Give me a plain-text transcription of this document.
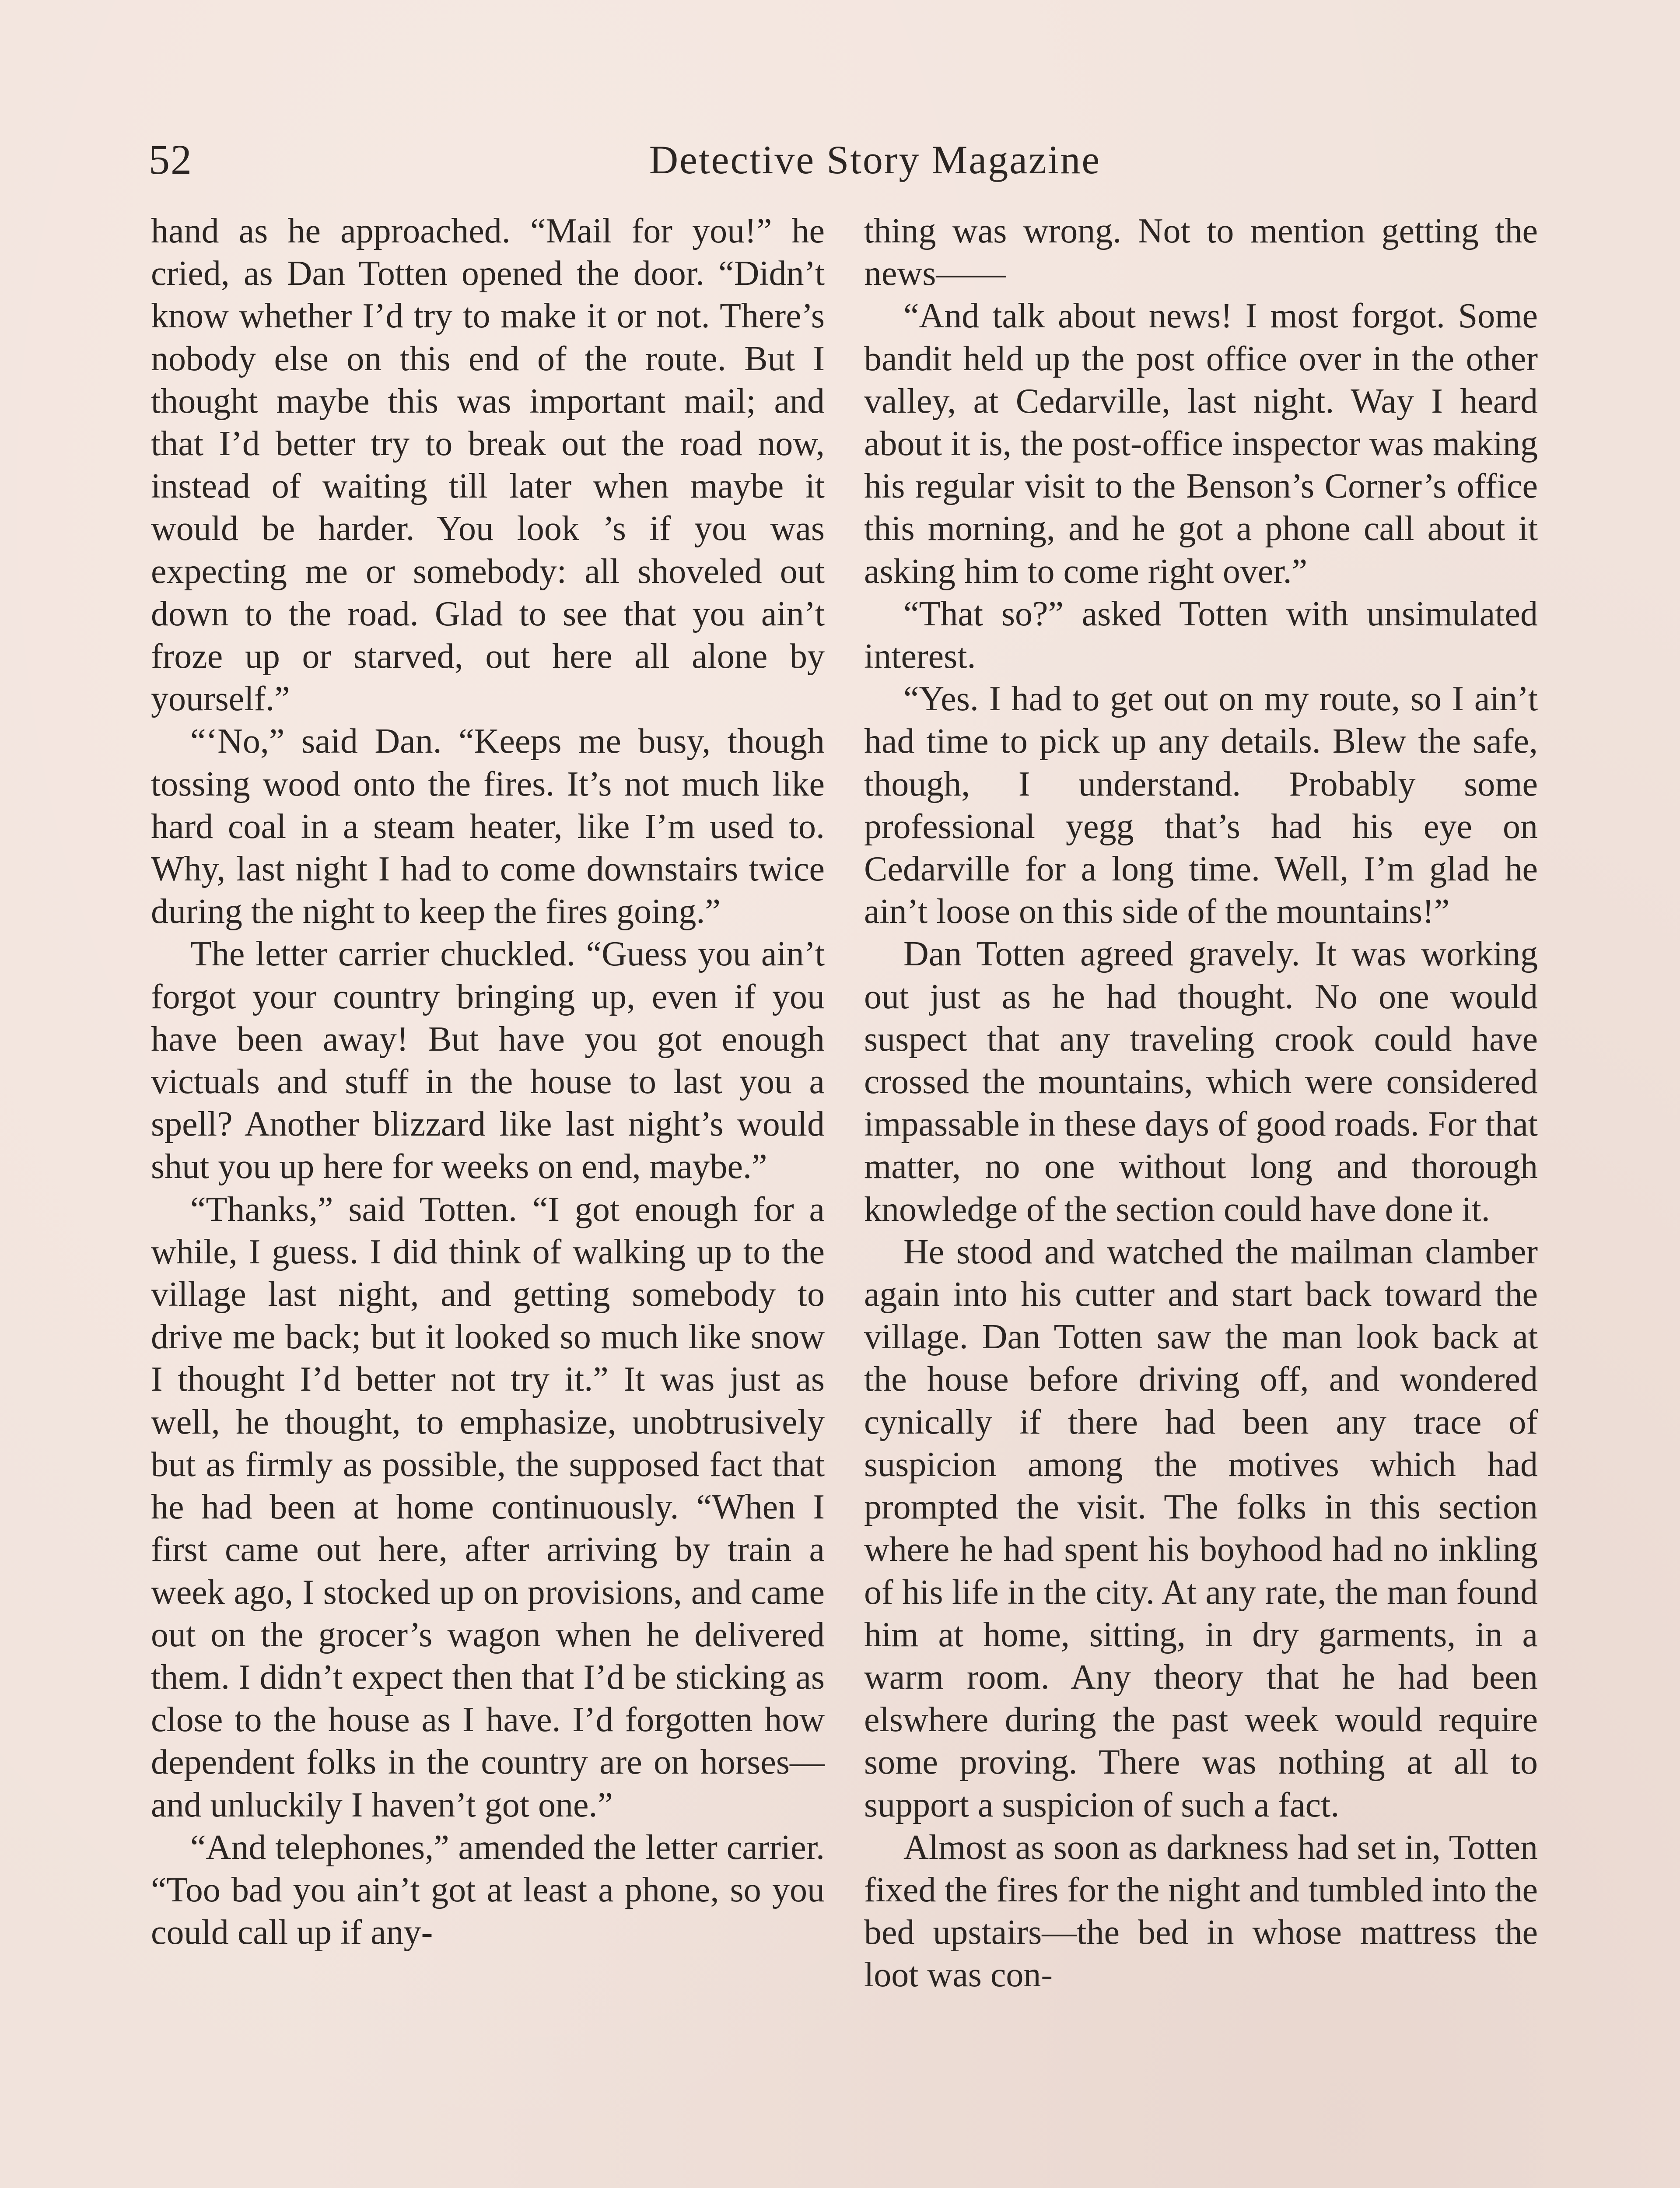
52	Detective Story Magazine

hand as he approached. “Mail for you!” he cried, as Dan Totten opened the door. “Didn’t know whether I’d try to make it or not. There’s nobody else on this end of the route. But I thought maybe this was important mail; and that I’d better try to break out the road now, instead of waiting till later when maybe it would be harder. You look ’s if you was expecting me or somebody: all shoveled out down to the road. Glad to see that you ain’t froze up or starved, out here all alone by yourself.”

“‘No,” said Dan. “Keeps me busy, though tossing wood onto the fires. It’s not much like hard coal in a steam heater, like I’m used to. Why, last night I had to come downstairs twice during the night to keep the fires going.”

The letter carrier chuckled. “Guess you ain’t forgot your country bringing up, even if you have been away! But have you got enough victuals and stuff in the house to last you a spell? Another blizzard like last night’s would shut you up here for weeks on end, maybe.”

“Thanks,” said Totten. “I got enough for a while, I guess. I did think of walking up to the village last night, and getting somebody to drive me back; but it looked so much like snow I thought I’d better not try it.” It was just as well, he thought, to emphasize, unobtrusively but as firmly as possible, the supposed fact that he had been at home continuously. “When I first came out here, after arriving by train a week ago, I stocked up on provisions, and came out on the grocer’s wagon when he delivered them. I didn’t expect then that I’d be sticking as close to the house as I have. I’d forgotten how dependent folks in the country are on horses—and unluckily I haven’t got one.”

“And telephones,” amended the letter carrier. “Too bad you ain’t got at least a phone, so you could call up if any-

thing was wrong. Not to mention getting the news——

“And talk about news! I most forgot. Some bandit held up the post office over in the other valley, at Cedarville, last night. Way I heard about it is, the post-office inspector was making his regular visit to the Benson’s Corner’s office this morning, and he got a phone call about it asking him to come right over.”

“That so?” asked Totten with unsimulated interest.

“Yes. I had to get out on my route, so I ain’t had time to pick up any details. Blew the safe, though, I understand. Probably some professional yegg that’s had his eye on Cedarville for a long time. Well, I’m glad he ain’t loose on this side of the mountains!”

Dan Totten agreed gravely. It was working out just as he had thought. No one would suspect that any traveling crook could have crossed the mountains, which were considered impassable in these days of good roads. For that matter, no one without long and thorough knowledge of the section could have done it.

He stood and watched the mailman clamber again into his cutter and start back toward the village. Dan Totten saw the man look back at the house before driving off, and wondered cynically if there had been any trace of suspicion among the motives which had prompted the visit. The folks in this section where he had spent his boyhood had no inkling of his life in the city. At any rate, the man found him at home, sitting, in dry garments, in a warm room. Any theory that he had been elswhere during the past week would require some proving. There was nothing at all to support a suspicion of such a fact.

Almost as soon as darkness had set in, Totten fixed the fires for the night and tumbled into the bed upstairs—the bed in whose mattress the loot was con-
